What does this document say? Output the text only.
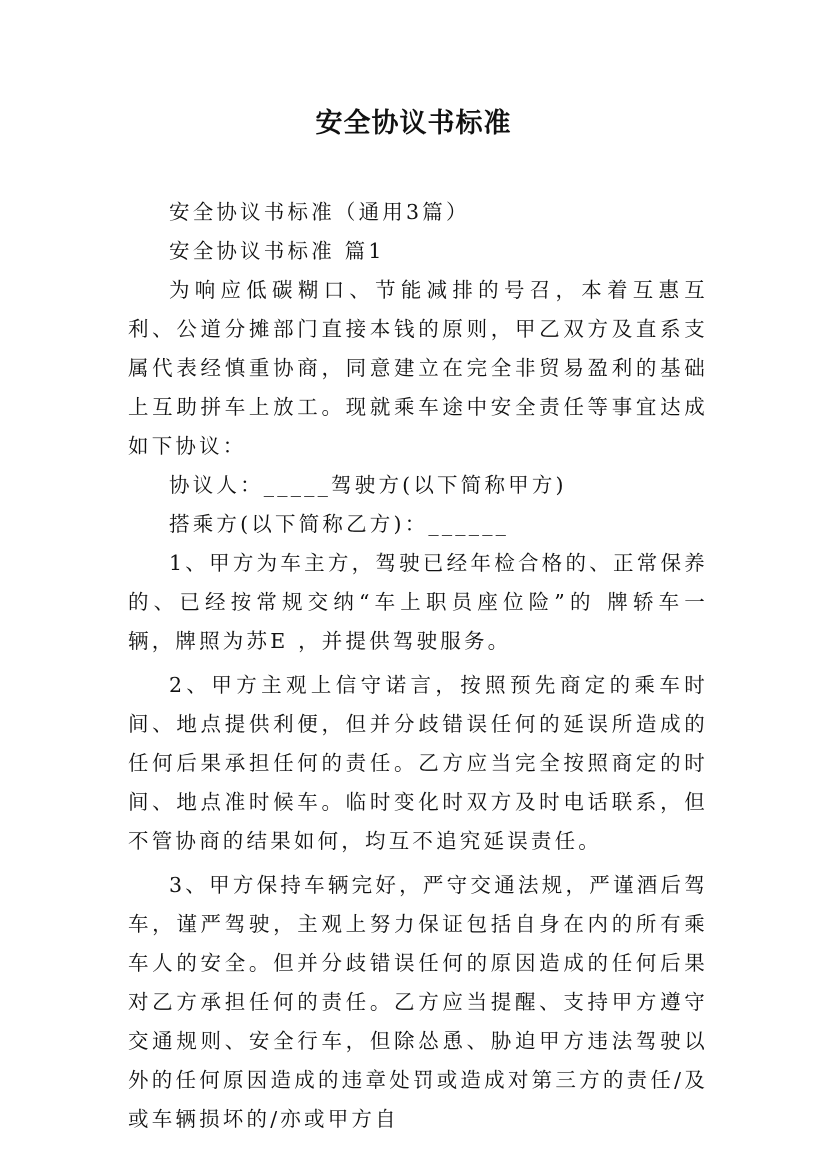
安全协议书标准

安全协议书标准（通用3篇）

安全协议书标准 篇1

为响应低碳糊口、节能减排的号召，本着互惠互利、公道分摊部门直接本钱的原则，甲乙双方及直系支属代表经慎重协商，同意建立在完全非贸易盈利的基础上互助拼车上放工。现就乘车途中安全责任等事宜达成如下协议：

协议人：_____驾驶方(以下简称甲方)

搭乘方(以下简称乙方)：______

1、甲方为车主方，驾驶已经年检合格的、正常保养的、已经按常规交纳“车上职员座位险”的 牌轿车一辆，牌照为苏E ，并提供驾驶服务。

2、甲方主观上信守诺言，按照预先商定的乘车时间、地点提供利便，但并分歧错误任何的延误所造成的任何后果承担任何的责任。乙方应当完全按照商定的时间、地点准时候车。临时变化时双方及时电话联系，但不管协商的结果如何，均互不追究延误责任。

3、甲方保持车辆完好，严守交通法规，严谨酒后驾车，谨严驾驶，主观上努力保证包括自身在内的所有乘车人的安全。但并分歧错误任何的原因造成的任何后果对乙方承担任何的责任。乙方应当提醒、支持甲方遵守交通规则、安全行车，但除怂恿、胁迫甲方违法驾驶以外的任何原因造成的违章处罚或造成对第三方的责任/及或车辆损坏的/亦或甲方自
